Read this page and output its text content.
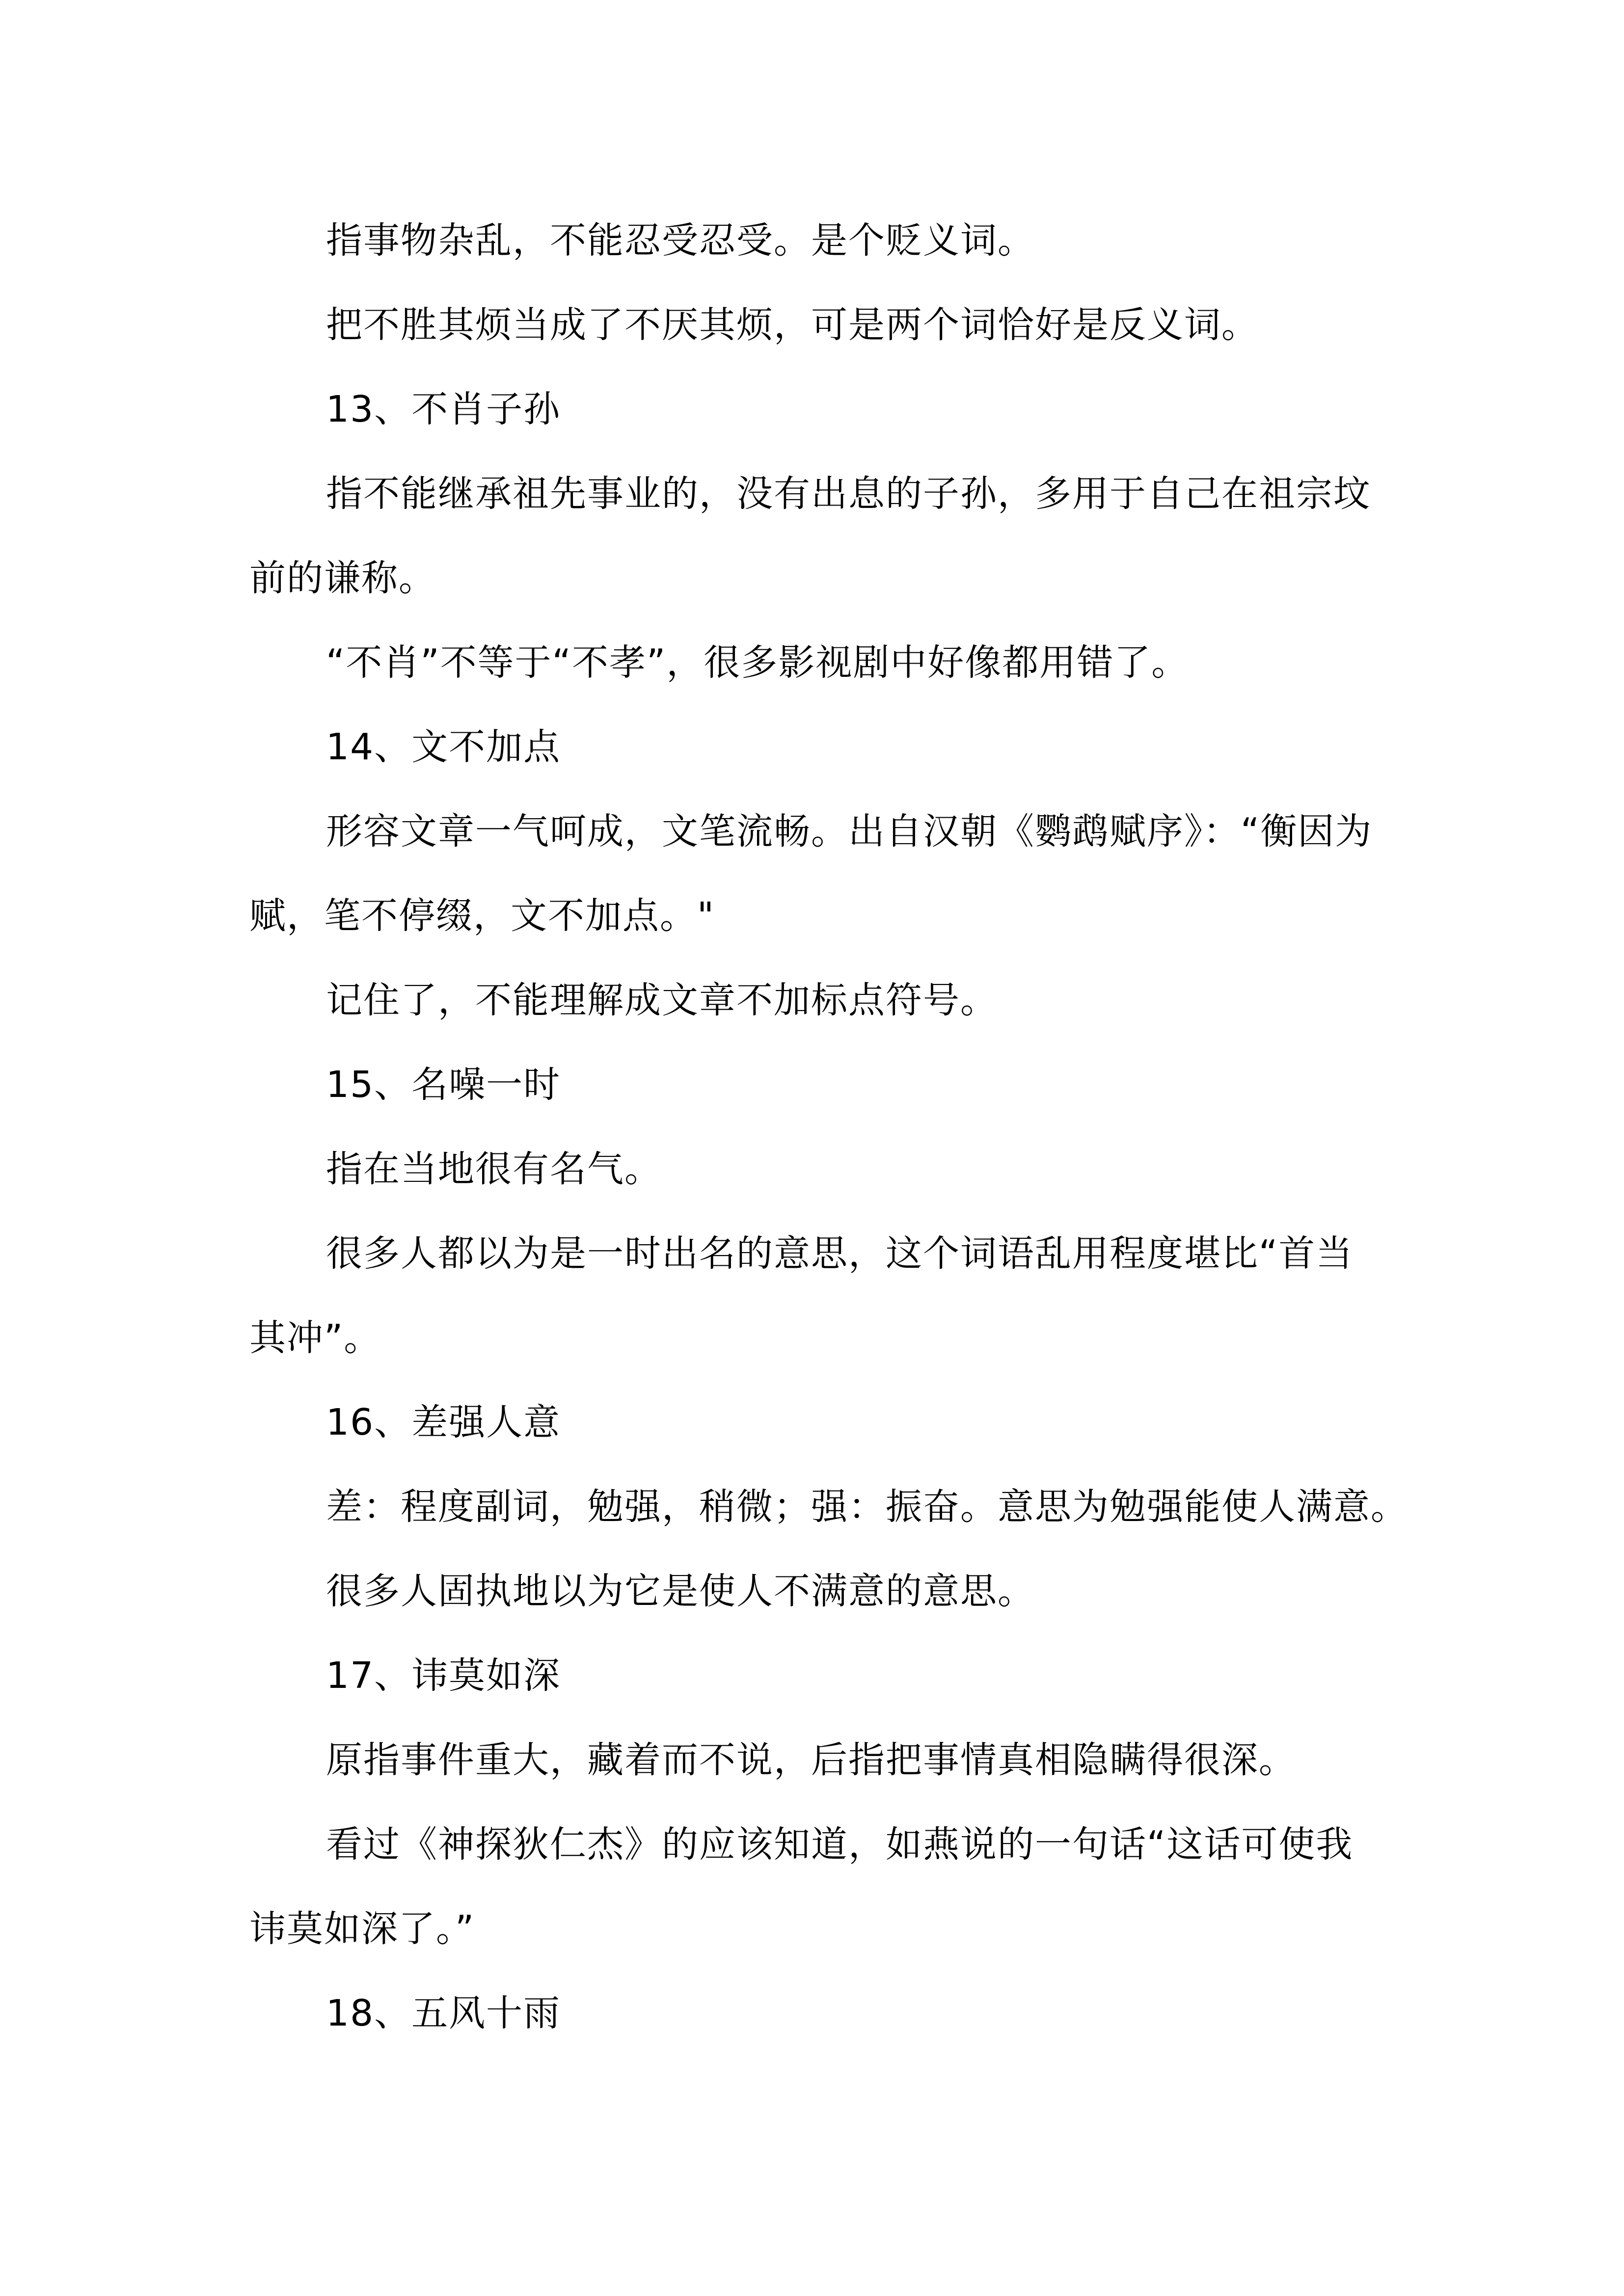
指事物杂乱，不能忍受忍受。是个贬义词。

把不胜其烦当成了不厌其烦，可是两个词恰好是反义词。

13、不肖子孙

指不能继承祖先事业的，没有出息的子孙，多用于自己在祖宗坟

前的谦称。

“不肖”不等于“不孝”，很多影视剧中好像都用错了。

14、文不加点

形容文章一气呵成，文笔流畅。出自汉朝《鹦鹉赋序》：“衡因为

赋，笔不停缀，文不加点。"

记住了，不能理解成文章不加标点符号。

15、名噪一时

指在当地很有名气。

很多人都以为是一时出名的意思，这个词语乱用程度堪比“首当

其冲”。

16、差强人意

差：程度副词，勉强，稍微；强：振奋。意思为勉强能使人满意。

很多人固执地以为它是使人不满意的意思。

17、讳莫如深

原指事件重大，藏着而不说，后指把事情真相隐瞒得很深。

看过《神探狄仁杰》的应该知道，如燕说的一句话“这话可使我

讳莫如深了。”

18、五风十雨
